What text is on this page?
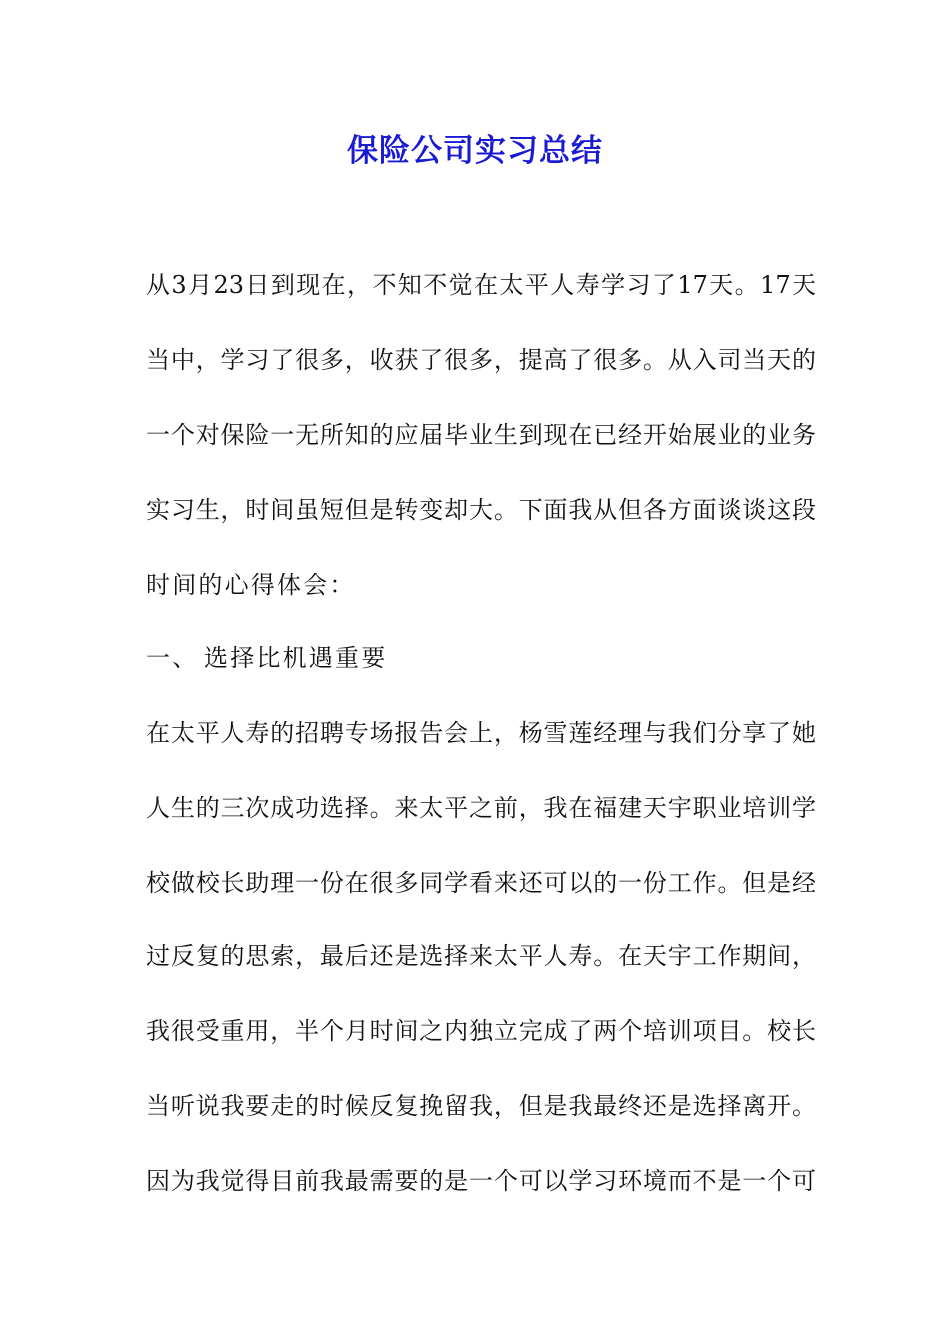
保险公司实习总结
从3月23日到现在，不知不觉在太平人寿学习了17天。17天
当中，学习了很多，收获了很多，提高了很多。从入司当天的
一个对保险一无所知的应届毕业生到现在已经开始展业的业务
实习生，时间虽短但是转变却大。下面我从但各方面谈谈这段
时间的心得体会：
一、 选择比机遇重要
在太平人寿的招聘专场报告会上，杨雪莲经理与我们分享了她
人生的三次成功选择。来太平之前，我在福建天宇职业培训学
校做校长助理一份在很多同学看来还可以的一份工作。但是经
过反复的思索，最后还是选择来太平人寿。在天宇工作期间，
我很受重用，半个月时间之内独立完成了两个培训项目。校长
当听说我要走的时候反复挽留我，但是我最终还是选择离开。
因为我觉得目前我最需要的是一个可以学习环境而不是一个可
